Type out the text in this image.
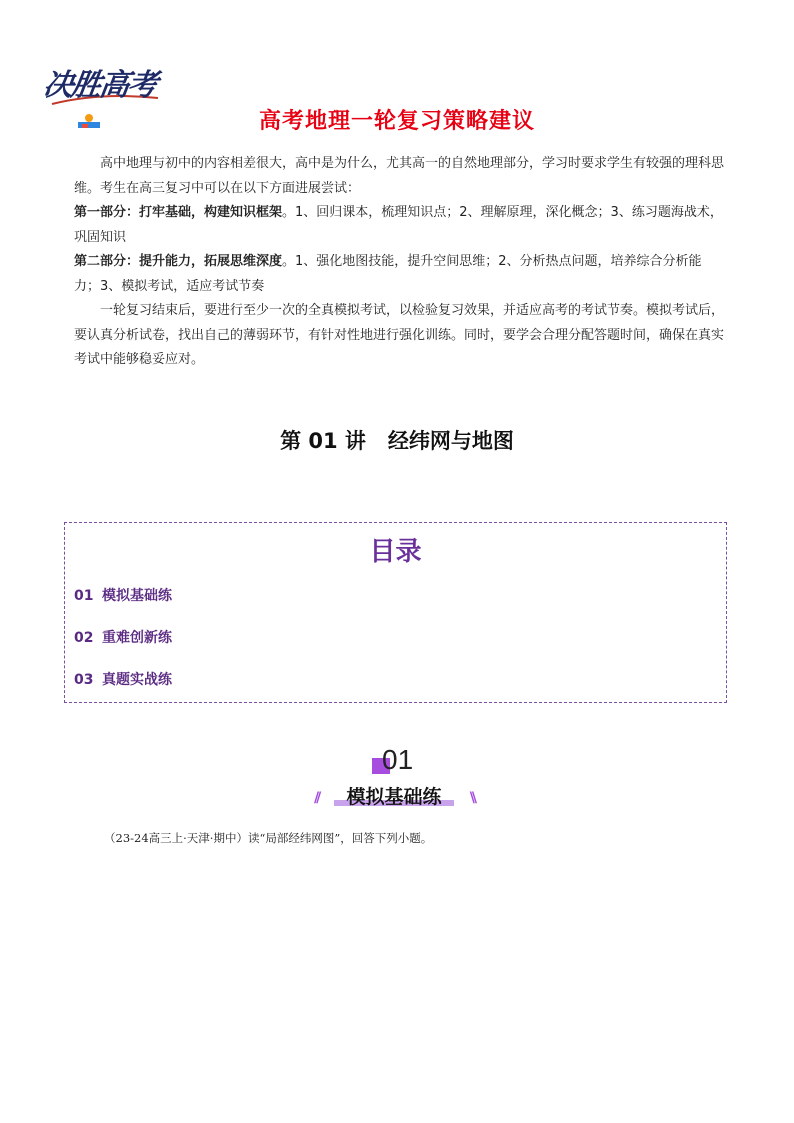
决胜高考
高考地理一轮复习策略建议

高中地理与初中的内容相差很大，高中是为什么，尤其高一的自然地理部分，学习时要求学生有较强的理科思维。考生在高三复习中可以在以下方面进展尝试：

第一部分：打牢基础，构建知识框架。1、回归课本，梳理知识点；2、理解原理，深化概念；3、练习题海战术，巩固知识

第二部分：提升能力，拓展思维深度。1、强化地图技能，提升空间思维；2、分析热点问题，培养综合分析能力；3、模拟考试，适应考试节奏

一轮复习结束后，要进行至少一次的全真模拟考试，以检验复习效果，并适应高考的考试节奏。模拟考试后，要认真分析试卷，找出自己的薄弱环节，有针对性地进行强化训练。同时，要学会合理分配答题时间，确保在真实考试中能够稳妥应对。

第 01 讲 经纬网与地图
目录
01 模拟基础练
02 重难创新练
03 真题实战练
01
//	模拟基础练	\\
（23-24高三上·天津·期中）读“局部经纬网图”，回答下列小题。
